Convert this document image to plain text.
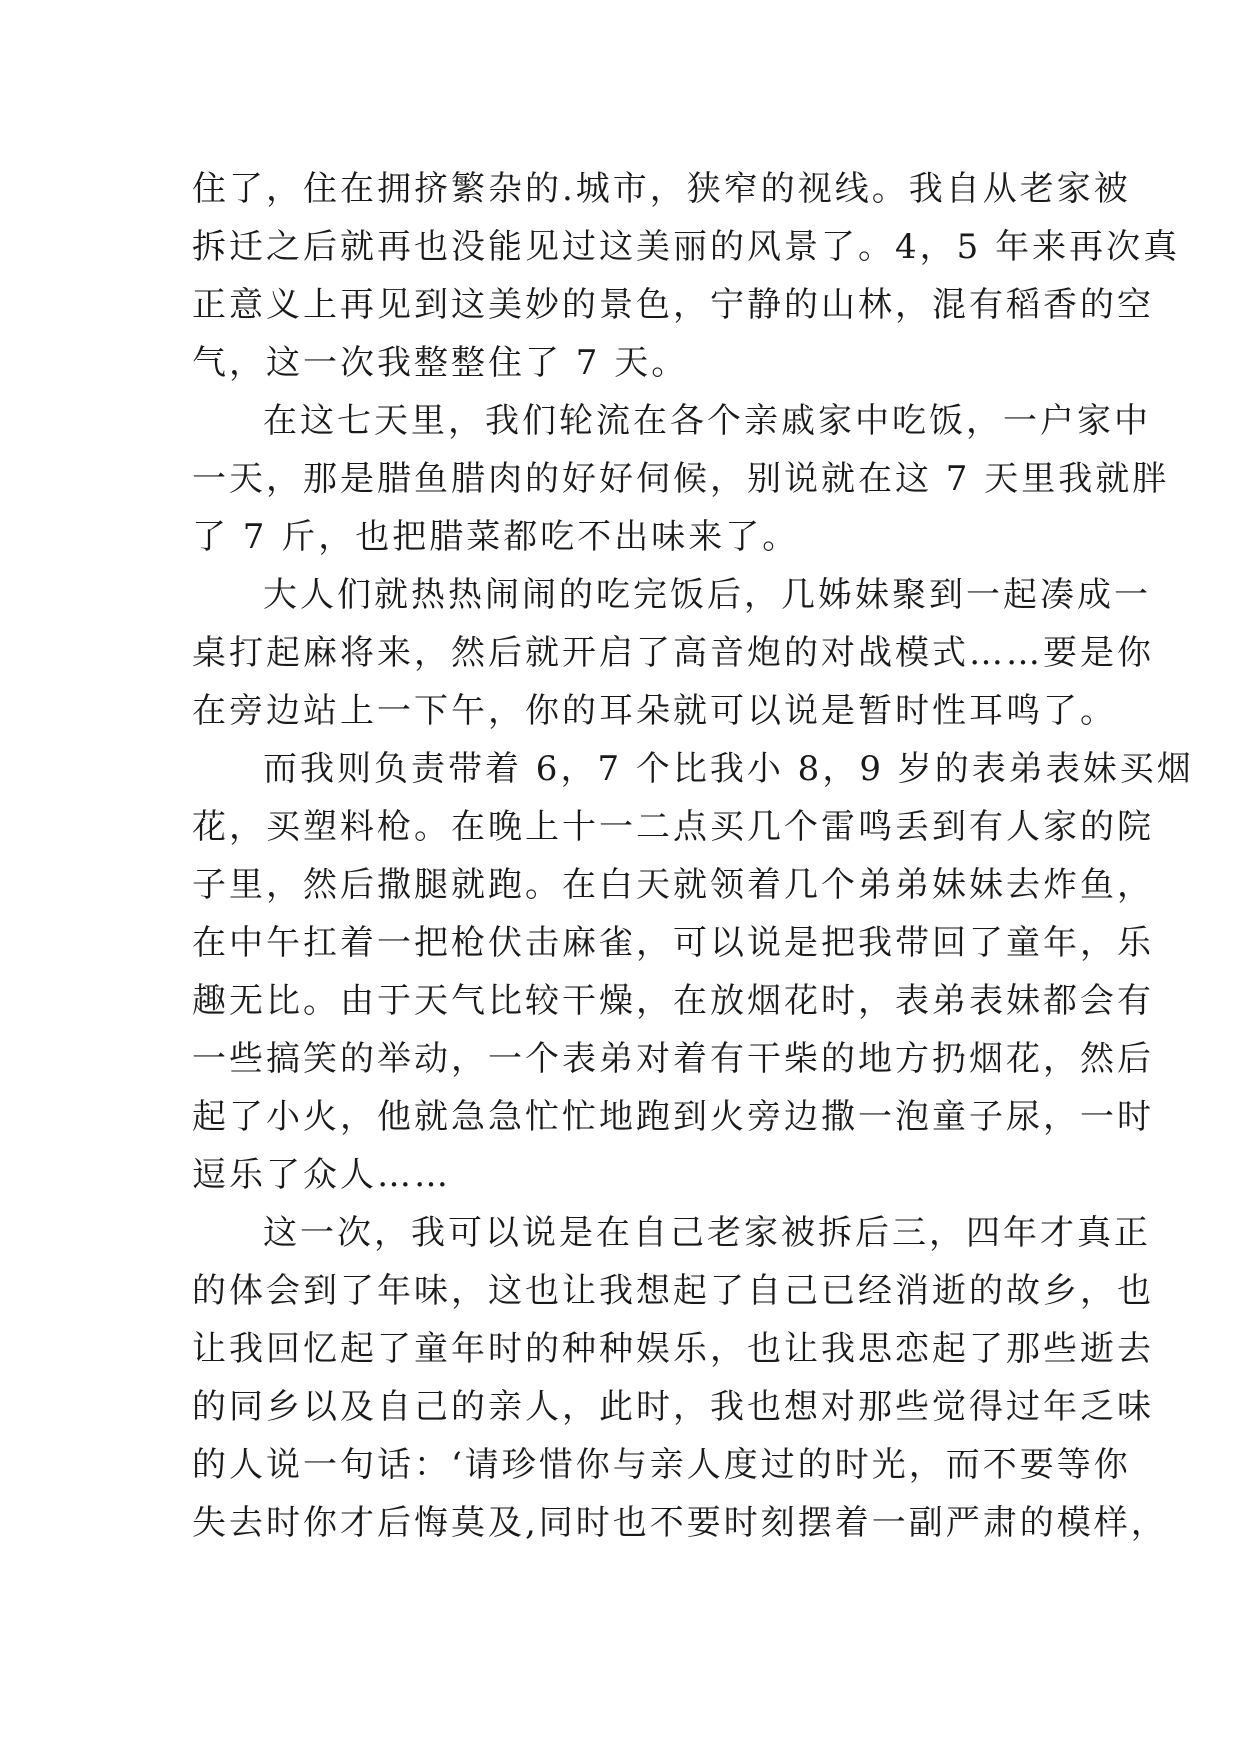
住了，住在拥挤繁杂的.城市，狭窄的视线。我自从老家被
拆迁之后就再也没能见过这美丽的风景了。4，5 年来再次真
正意义上再见到这美妙的景色，宁静的山林，混有稻香的空
气，这一次我整整住了 7 天。
在这七天里，我们轮流在各个亲戚家中吃饭，一户家中
一天，那是腊鱼腊肉的好好伺候，别说就在这 7 天里我就胖
了 7 斤，也把腊菜都吃不出味来了。
大人们就热热闹闹的吃完饭后，几姊妹聚到一起凑成一
桌打起麻将来，然后就开启了高音炮的对战模式……要是你
在旁边站上一下午，你的耳朵就可以说是暂时性耳鸣了。
而我则负责带着 6，7 个比我小 8，9 岁的表弟表妹买烟
花，买塑料枪。在晚上十一二点买几个雷鸣丢到有人家的院
子里，然后撒腿就跑。在白天就领着几个弟弟妹妹去炸鱼，
在中午扛着一把枪伏击麻雀，可以说是把我带回了童年，乐
趣无比。由于天气比较干燥，在放烟花时，表弟表妹都会有
一些搞笑的举动，一个表弟对着有干柴的地方扔烟花，然后
起了小火，他就急急忙忙地跑到火旁边撒一泡童子尿，一时
逗乐了众人……
这一次，我可以说是在自己老家被拆后三，四年才真正
的体会到了年味，这也让我想起了自己已经消逝的故乡，也
让我回忆起了童年时的种种娱乐，也让我思恋起了那些逝去
的同乡以及自己的亲人，此时，我也想对那些觉得过年乏味
的人说一句话：‘请珍惜你与亲人度过的时光，而不要等你
失去时你才后悔莫及,同时也不要时刻摆着一副严肃的模样，
